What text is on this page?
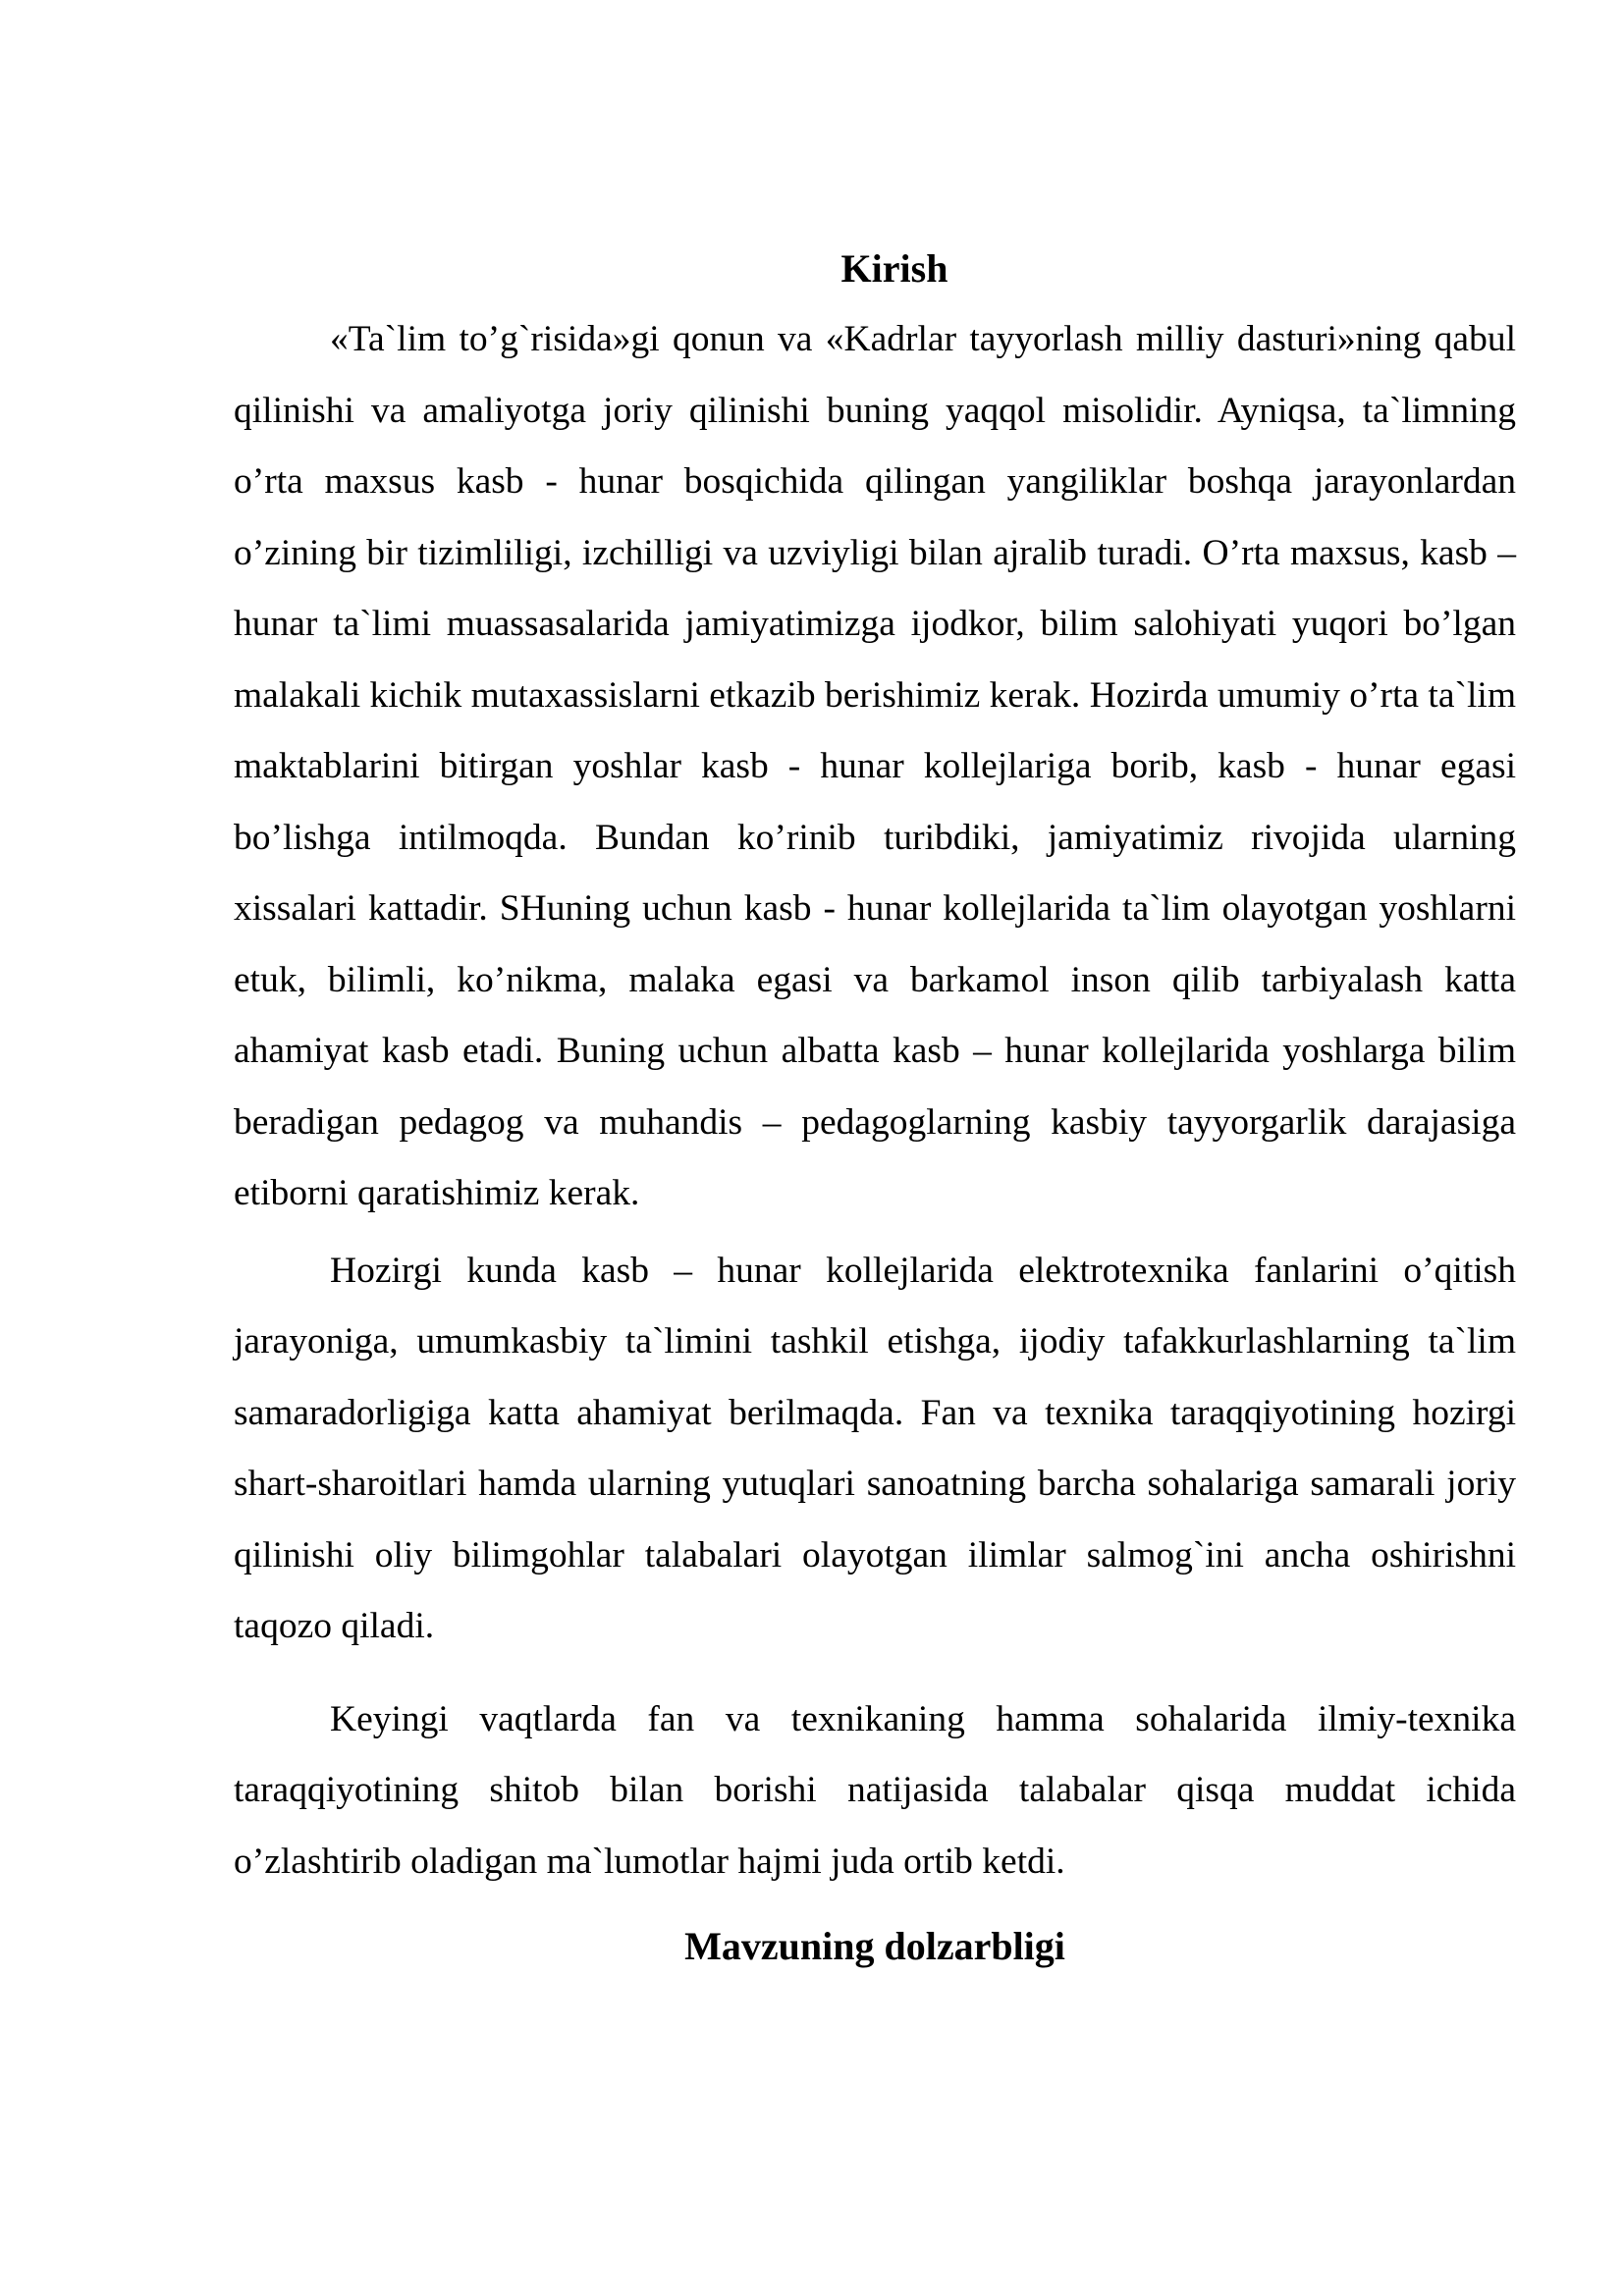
Kirish

«Ta`lim to’g`risida»gi qonun va «Kadrlar tayyorlash milliy dasturi»ning qabul qilinishi va amaliyotga joriy qilinishi buning yaqqol misolidir. Ayniqsa, ta`limning o’rta maxsus kasb - hunar bosqichida qilingan yangiliklar boshqa jarayonlardan o’zining bir tizimliligi, izchilligi va uzviyligi bilan ajralib turadi. O’rta maxsus, kasb – hunar ta`limi muassasalarida jamiyatimizga ijodkor, bilim salohiyati yuqori bo’lgan malakali kichik mutaxassislarni etkazib berishimiz kerak. Hozirda umumiy o’rta ta`lim maktablarini bitirgan yoshlar kasb - hunar kollejlariga borib, kasb - hunar egasi bo’lishga intilmoqda. Bundan ko’rinib turibdiki, jamiyatimiz rivojida ularning xissalari kattadir. SHuning uchun kasb - hunar kollejlarida ta`lim olayotgan yoshlarni etuk, bilimli, ko’nikma, malaka egasi va barkamol inson qilib tarbiyalash katta ahamiyat kasb etadi. Buning uchun albatta kasb – hunar kollejlarida yoshlarga bilim beradigan pedagog va muhandis – pedagoglarning kasbiy tayyorgarlik darajasiga etiborni qaratishimiz kerak.

Hozirgi kunda kasb – hunar kollejlarida elektrotexnika fanlarini o’qitish jarayoniga, umumkasbiy ta`limini tashkil etishga, ijodiy tafakkurlashlarning ta`lim samaradorligiga katta ahamiyat berilmaqda. Fan va texnika taraqqiyotining hozirgi shart-sharoitlari hamda ularning yutuqlari sanoatning barcha sohalariga samarali joriy qilinishi oliy bilimgohlar talabalari olayotgan ilimlar salmog`ini ancha oshirishni taqozo qiladi.

Keyingi vaqtlarda fan va texnikaning hamma sohalarida ilmiy-texnika taraqqiyotining shitob bilan borishi natijasida talabalar qisqa muddat ichida o’zlashtirib oladigan ma`lumotlar hajmi juda ortib ketdi.

Mavzuning dolzarbligi
